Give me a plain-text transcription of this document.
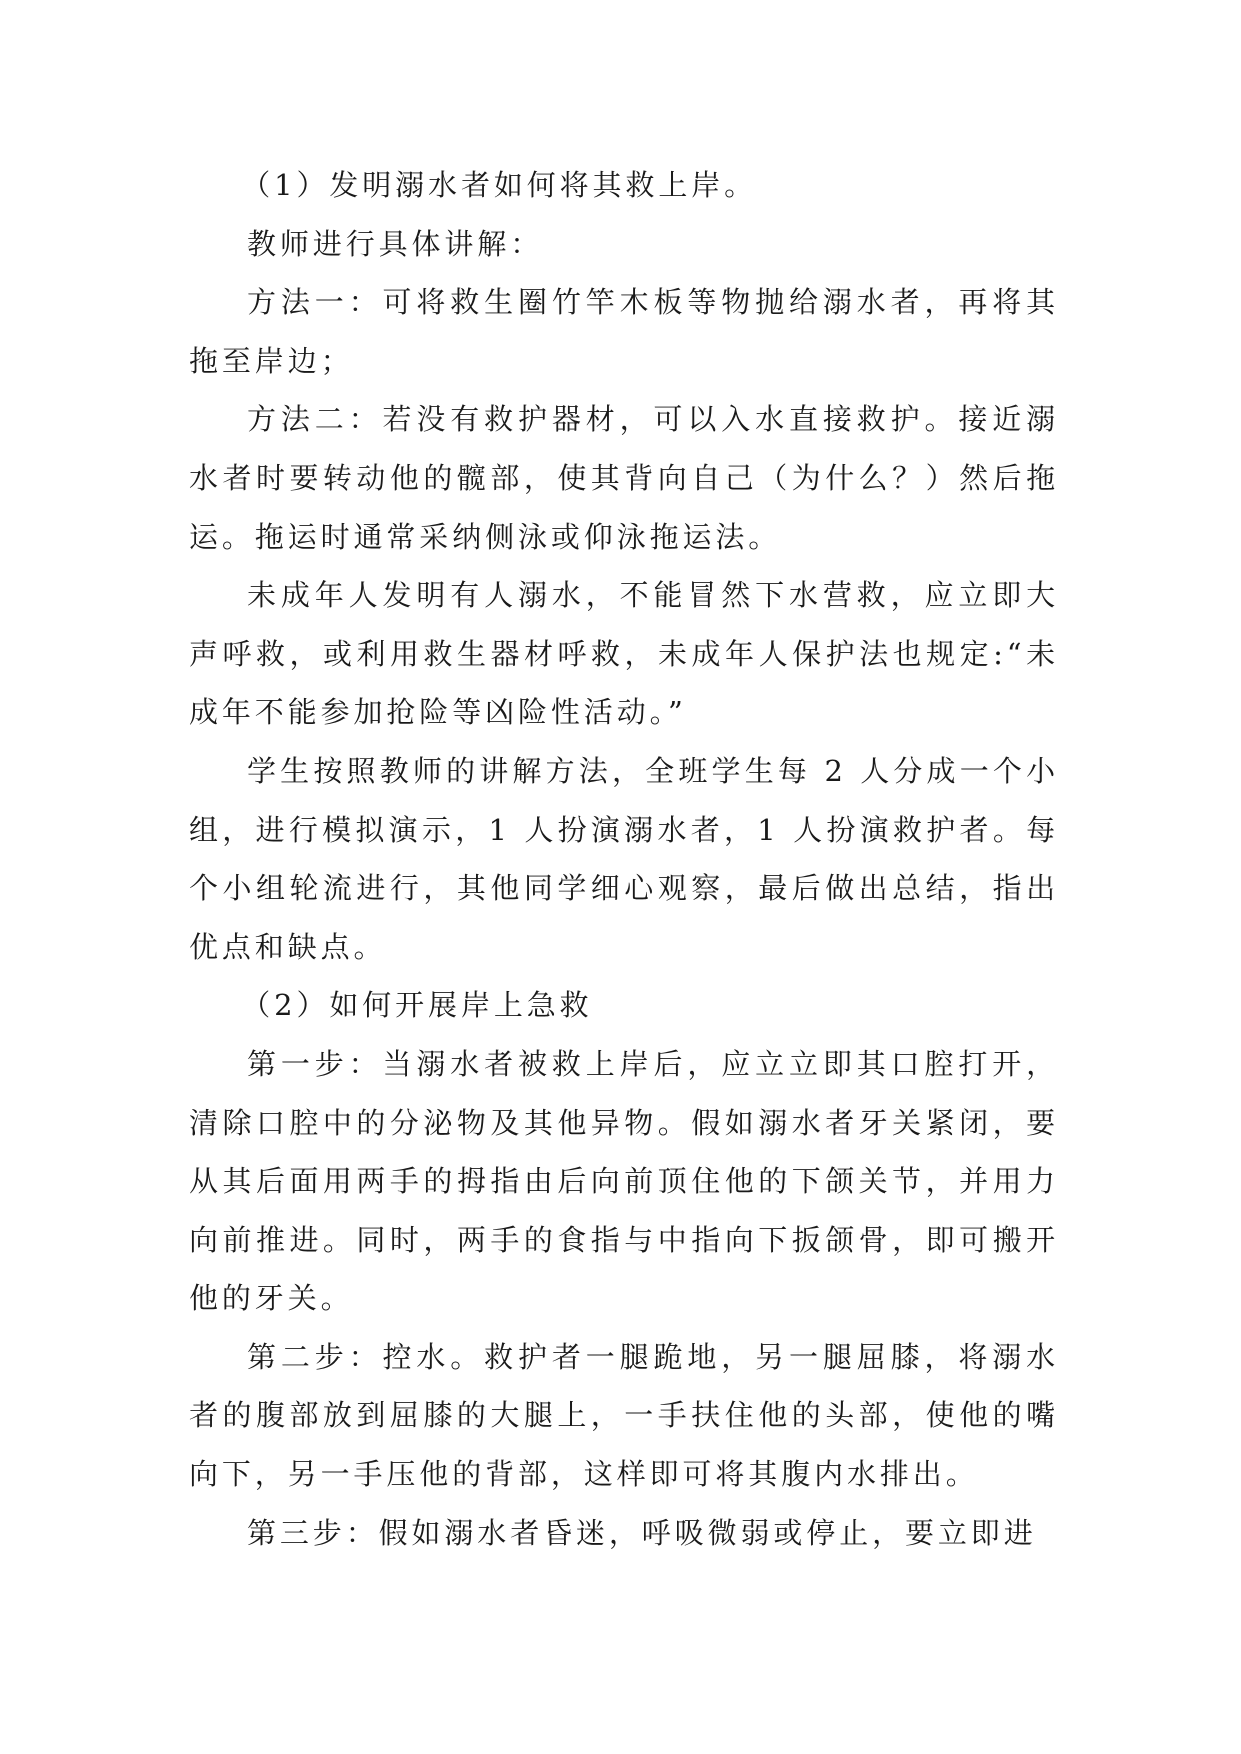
（1）发明溺水者如何将其救上岸。

教师进行具体讲解：

方法一：可将救生圈竹竿木板等物抛给溺水者，再将其拖至岸边；

方法二：若没有救护器材，可以入水直接救护。接近溺水者时要转动他的髋部，使其背向自己（为什么？）然后拖运。拖运时通常采纳侧泳或仰泳拖运法。

未成年人发明有人溺水，不能冒然下水营救，应立即大声呼救，或利用救生器材呼救，未成年人保护法也规定:“未成年不能参加抢险等凶险性活动。”

学生按照教师的讲解方法，全班学生每 2 人分成一个小组，进行模拟演示，1 人扮演溺水者，1 人扮演救护者。每个小组轮流进行，其他同学细心观察，最后做出总结，指出优点和缺点。

（2）如何开展岸上急救

第一步：当溺水者被救上岸后，应立立即其口腔打开，清除口腔中的分泌物及其他异物。假如溺水者牙关紧闭，要从其后面用两手的拇指由后向前顶住他的下颌关节，并用力向前推进。同时，两手的食指与中指向下扳颌骨，即可搬开他的牙关。

第二步：控水。救护者一腿跪地，另一腿屈膝，将溺水者的腹部放到屈膝的大腿上，一手扶住他的头部，使他的嘴向下，另一手压他的背部，这样即可将其腹内水排出。

第三步：假如溺水者昏迷，呼吸微弱或停止，要立即进
